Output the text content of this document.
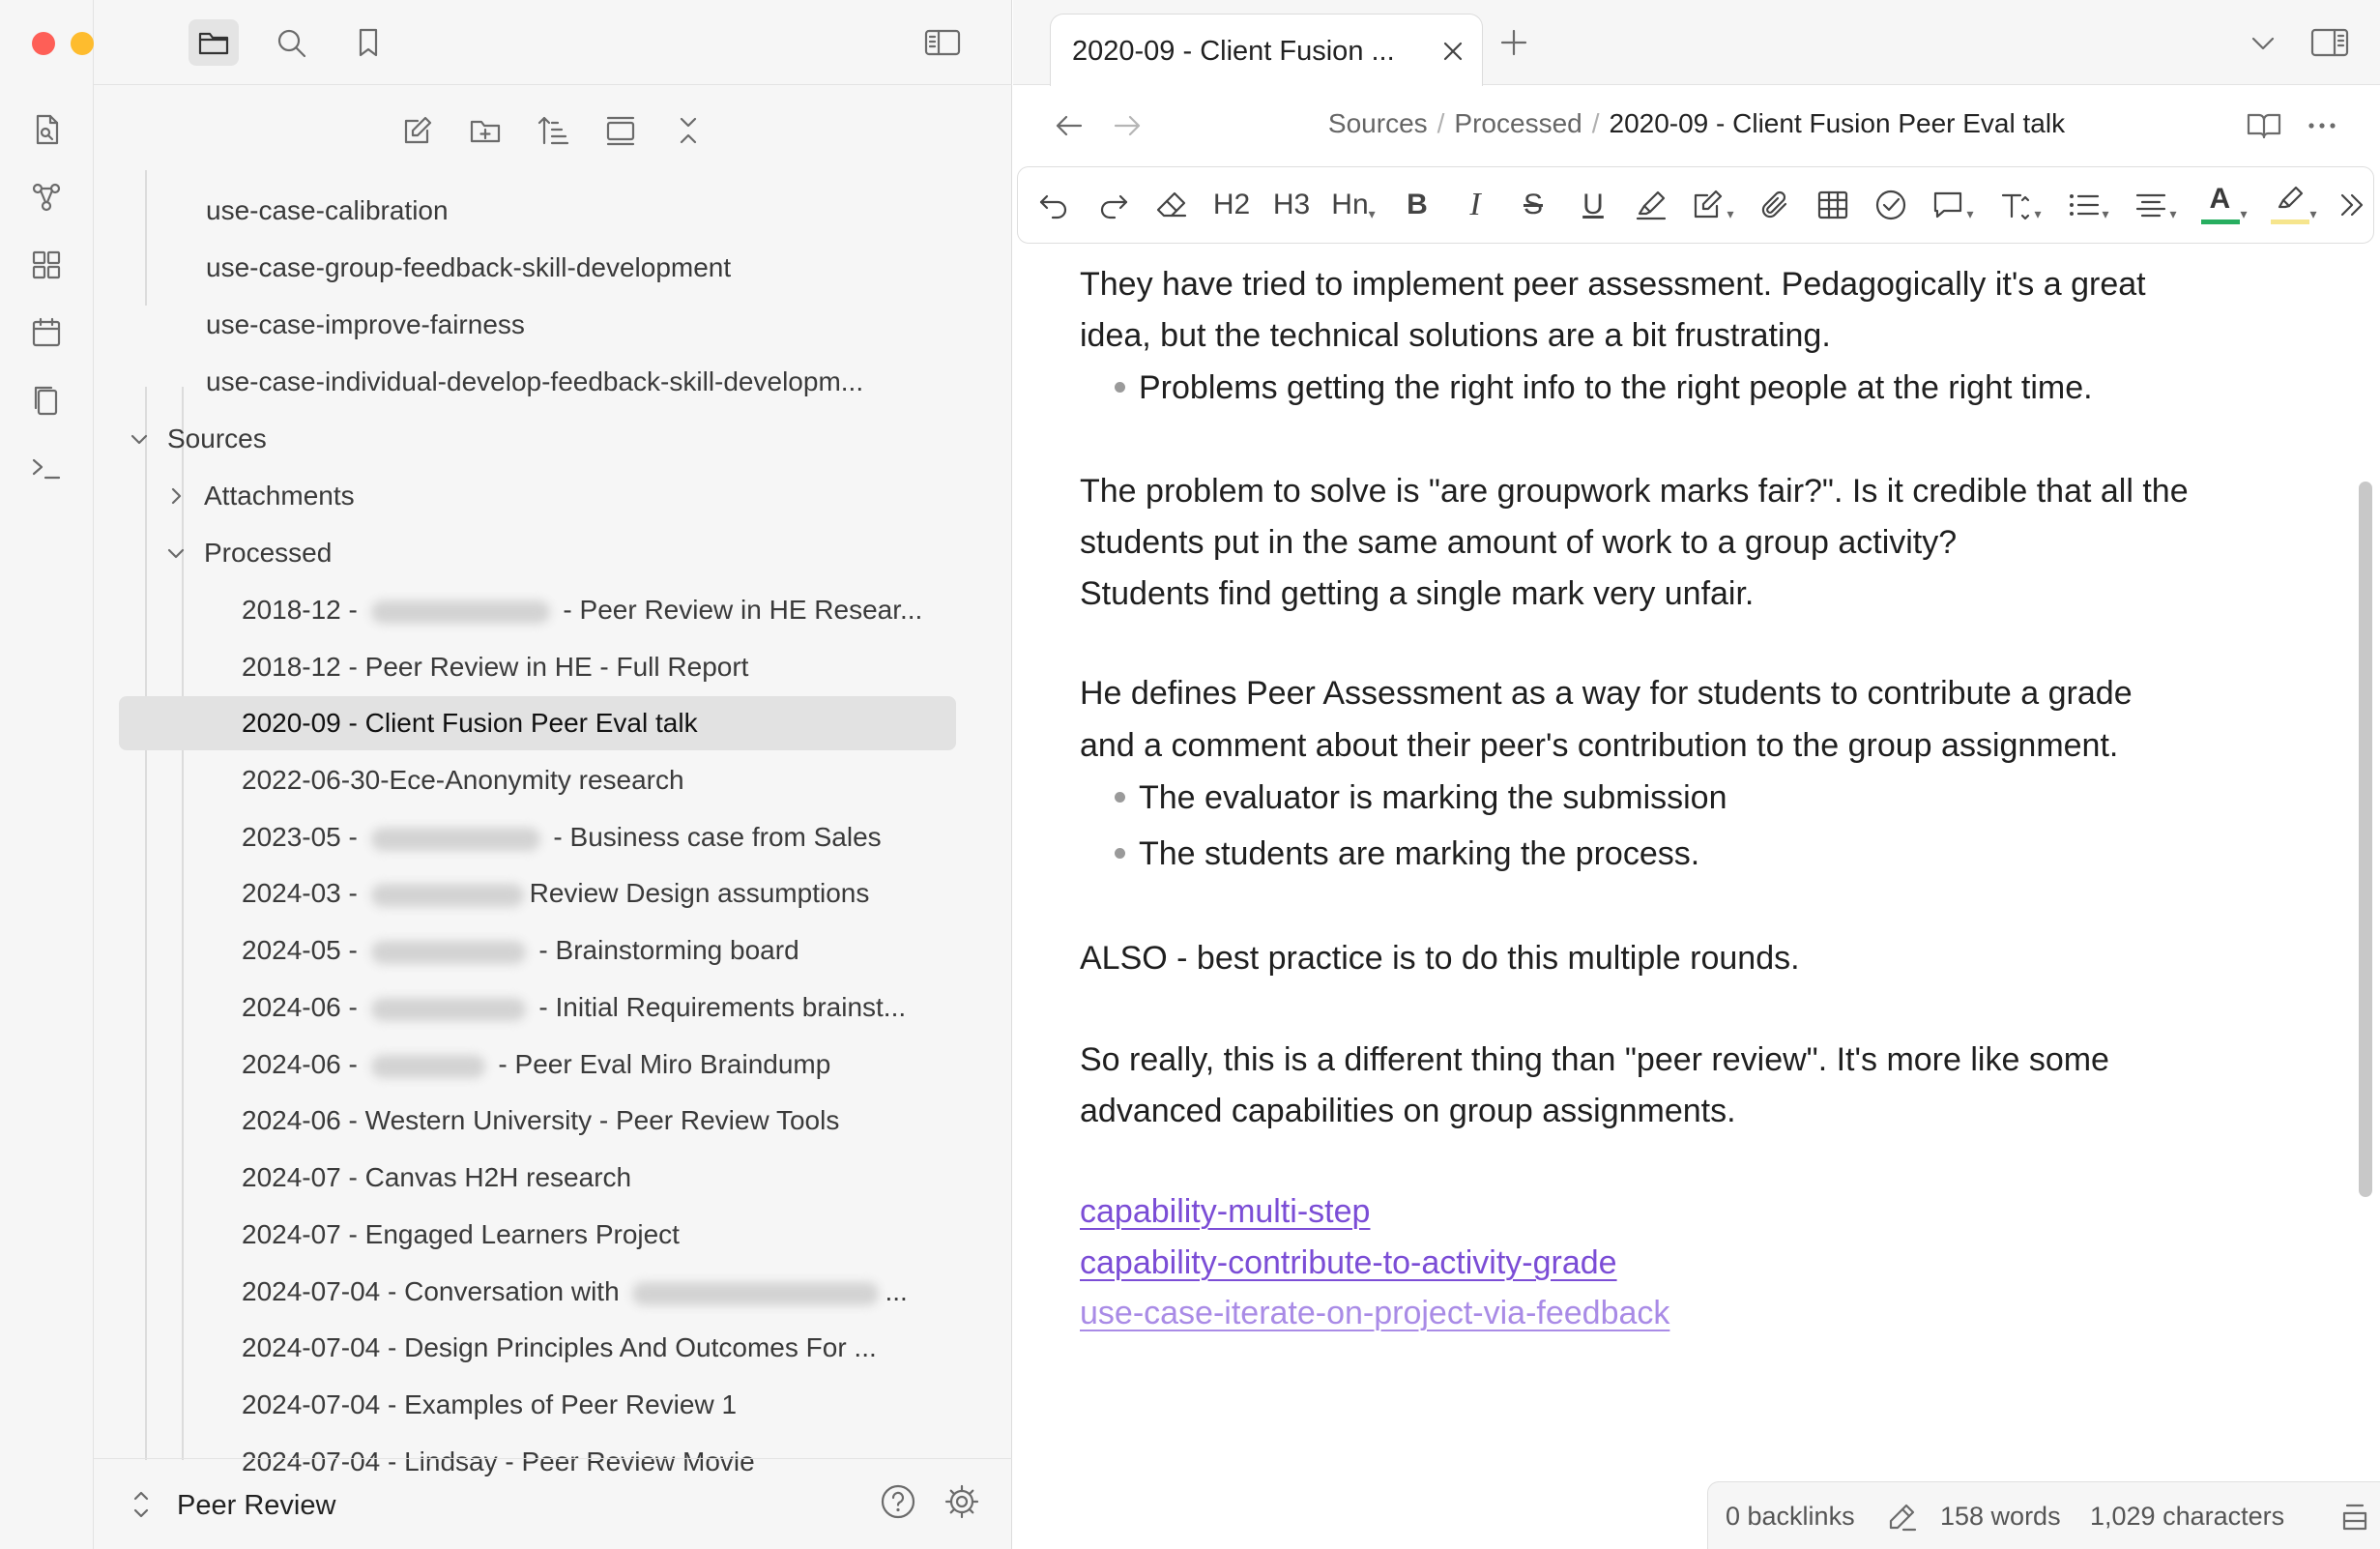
use-case-calibration
use-case-group-feedback-skill-development
use-case-improve-fairness
use-case-individual-develop-feedback-skill-developm...
Sources
Attachments
Processed
2018-12 -	- Peer Review in HE Resear...
2018-12 - Peer Review in HE - Full Report
2020-09 - Client Fusion Peer Eval talk
2022-06-30-Ece-Anonymity research
2023-05 -	- Business case from Sales
2024-03 -	Review Design assumptions
2024-05 -	- Brainstorming board
2024-06 -	- Initial Requirements brainst...
2024-06 -	- Peer Eval Miro Braindump
2024-06 - Western University - Peer Review Tools
2024-07 - Canvas H2H research
2024-07 - Engaged Learners Project
2024-07-04 - Conversation with	...
2024-07-04 - Design Principles And Outcomes For ...
2024-07-04 - Examples of Peer Review 1
2024-07-04 - Lindsay - Peer Review Movie
Peer Review
2020-09 - Client Fusion ...
Sources / Processed / 2020-09 - Client Fusion Peer Eval talk
H2 H3 Hn ▾ B I S U	▾	▾	▾	▾	▾ A ▾	▾
They have tried to implement peer assessment. Pedagogically it's a great
idea, but the technical solutions are a bit frustrating.
Problems getting the right info to the right people at the right time.
The problem to solve is "are groupwork marks fair?". Is it credible that all the
students put in the same amount of work to a group activity?
Students find getting a single mark very unfair.
He defines Peer Assessment as a way for students to contribute a grade
and a comment about their peer's contribution to the group assignment.
The evaluator is marking the submission
The students are marking the process.
ALSO - best practice is to do this multiple rounds.
So really, this is a different thing than "peer review". It's more like some
advanced capabilities on group assignments.
capability-multi-step
capability-contribute-to-activity-grade
use-case-iterate-on-project-via-feedback
0 backlinks	158 words 1,029 characters
